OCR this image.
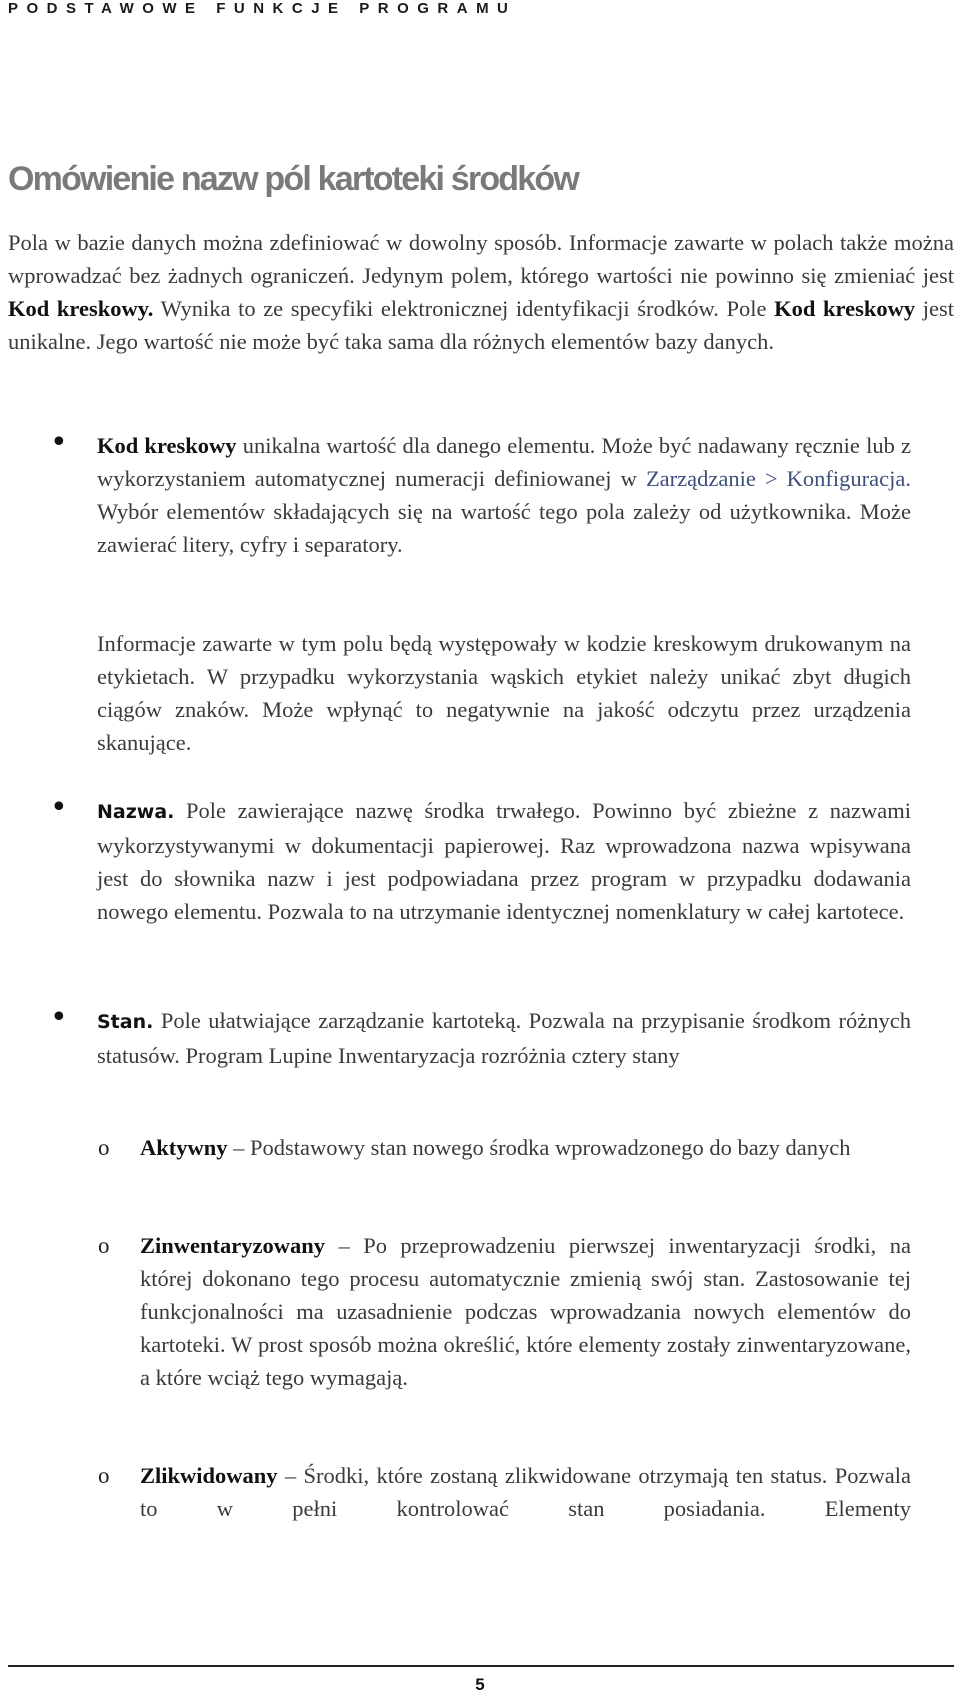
PODSTAWOWE FUNKCJE PROGRAMU
Omówienie nazw pól kartoteki środków

Pola w bazie danych można zdefiniować w dowolny sposób. Informacje zawarte w polach także można wprowadzać bez żadnych ograniczeń. Jedynym polem, którego wartości nie powinno się zmieniać jest Kod kreskowy. Wynika to ze specyfiki elektronicznej identyfikacji środków. Pole Kod kreskowy jest unikalne. Jego wartość nie może być taka sama dla różnych elementów bazy danych.

• Kod kreskowy unikalna wartość dla danego elementu. Może być nadawany ręcznie lub z wykorzystaniem automatycznej numeracji definiowanej w Zarządzanie > Konfiguracja. Wybór elementów składających się na wartość tego pola zależy od użytkownika. Może zawierać litery, cyfry i separatory.

Informacje zawarte w tym polu będą występowały w kodzie kreskowym drukowanym na etykietach. W przypadku wykorzystania wąskich etykiet należy unikać zbyt długich ciągów znaków. Może wpłynąć to negatywnie na jakość odczytu przez urządzenia skanujące.

• Nazwa. Pole zawierające nazwę środka trwałego. Powinno być zbieżne z nazwami wykorzystywanymi w dokumentacji papierowej. Raz wprowadzona nazwa wpisywana jest do słownika nazw i jest podpowiadana przez program w przypadku dodawania nowego elementu. Pozwala to na utrzymanie identycznej nomenklatury w całej kartotece.

• Stan. Pole ułatwiające zarządzanie kartoteką. Pozwala na przypisanie środkom różnych statusów. Program Lupine Inwentaryzacja rozróżnia cztery stany

o Aktywny – Podstawowy stan nowego środka wprowadzonego do bazy danych

o Zinwentaryzowany – Po przeprowadzeniu pierwszej inwentaryzacji środki, na której dokonano tego procesu automatycznie zmienią swój stan. Zastosowanie tej funkcjonalności ma uzasadnienie podczas wprowadzania nowych elementów do kartoteki. W prost sposób można określić, które elementy zostały zinwentaryzowane, a które wciąż tego wymagają.

o Zlikwidowany – Środki, które zostaną zlikwidowane otrzymają ten status. Pozwala to w pełni kontrolować stan posiadania. Elementy

5
